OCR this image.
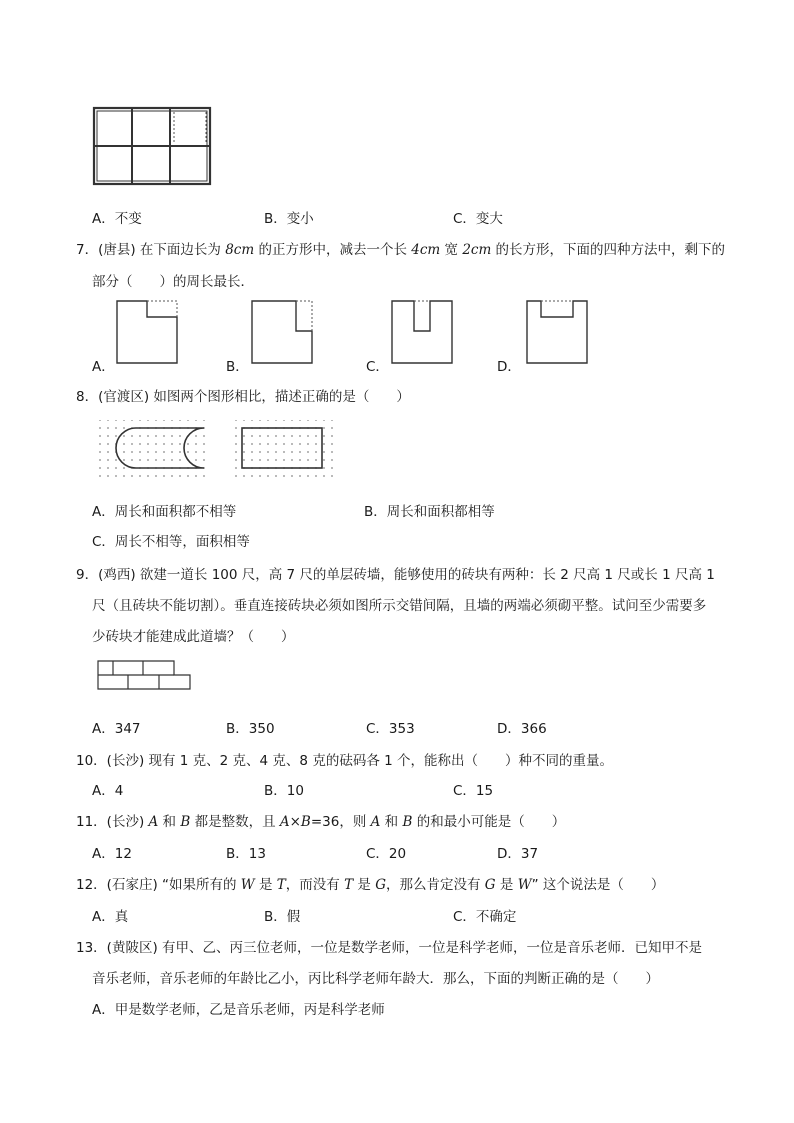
A．不变	B．变小	C．变大
7．(唐县) 在下面边长为 8cm 的正方形中，减去一个长 4cm 宽 2cm 的长方形，下面的四种方法中，剩下的
部分（　　）的周长最长．
A．	B．	C．	D．
8．(官渡区) 如图两个图形相比，描述正确的是（　　）
A．周长和面积都不相等	B．周长和面积都相等
C．周长不相等，面积相等
9．(鸡西) 欲建一道长 100 尺，高 7 尺的单层砖墙，能够使用的砖块有两种：长 2 尺高 1 尺或长 1 尺高 1
尺（且砖块不能切割）。垂直连接砖块必须如图所示交错间隔，且墙的两端必须砌平整。试问至少需要多
少砖块才能建成此道墙？（　　）
A．347	B．350	C．353	D．366
10．(长沙) 现有 1 克、2 克、4 克、8 克的砝码各 1 个，能称出（　　）种不同的重量。
A．4	B．10	C．15
11．(长沙) A 和 B 都是整数，且 A×B=36，则 A 和 B 的和最小可能是（　　）
A．12	B．13	C．20	D．37
12．(石家庄) “如果所有的 W 是 T，而没有 T 是 G，那么肯定没有 G 是 W” 这个说法是（　　）
A．真	B．假	C．不确定
13．(黄陂区) 有甲、乙、丙三位老师，一位是数学老师，一位是科学老师，一位是音乐老师．已知甲不是
音乐老师，音乐老师的年龄比乙小，丙比科学老师年龄大．那么，下面的判断正确的是（　　）
A．甲是数学老师，乙是音乐老师，丙是科学老师
